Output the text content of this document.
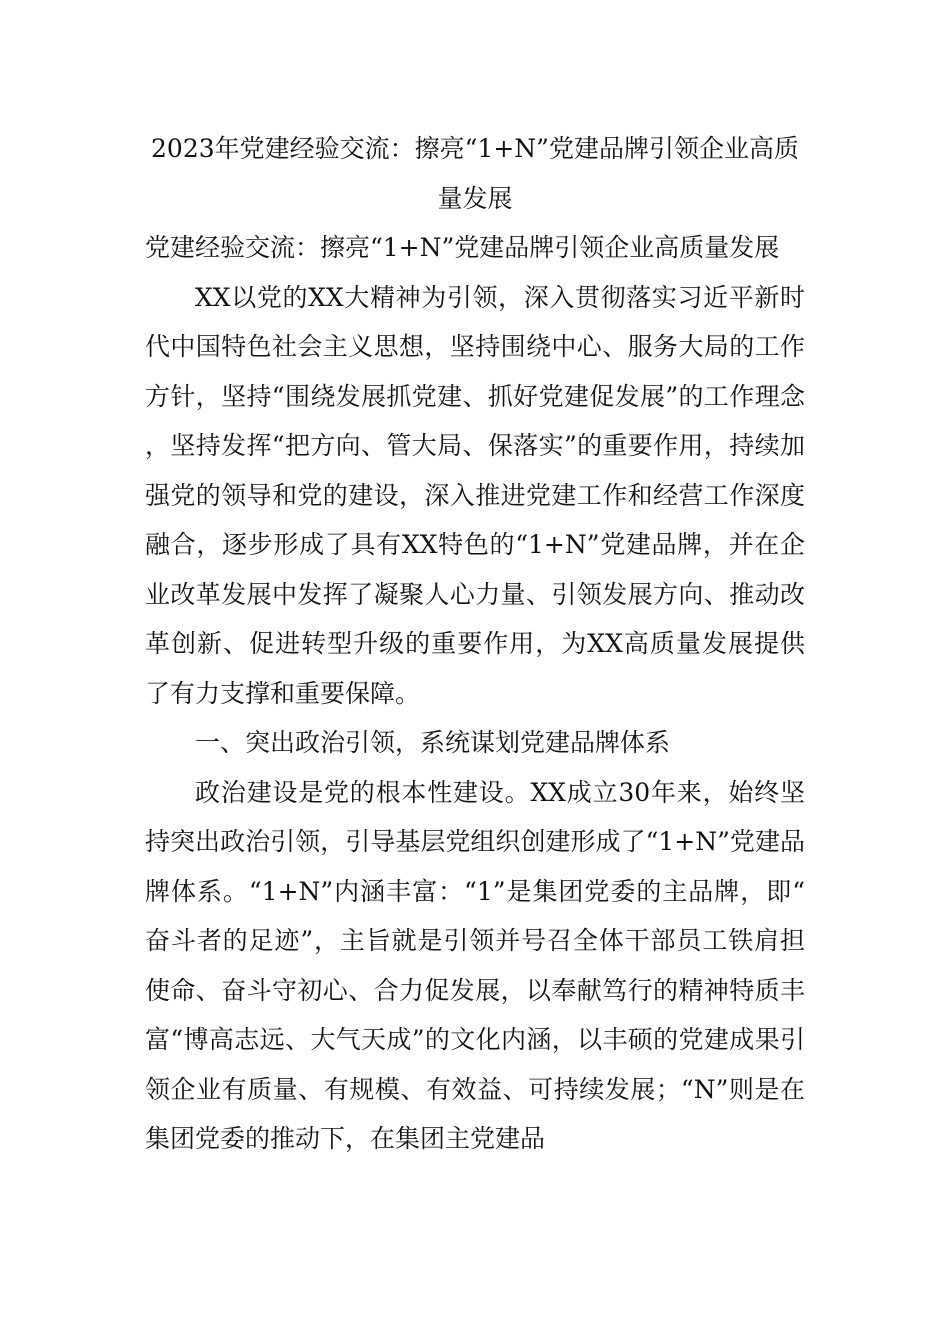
2023年党建经验交流：擦亮“1+N”党建品牌引领企业高质量发展

党建经验交流：擦亮“1+N”党建品牌引领企业高质量发展

XX以党的XX大精神为引领，深入贯彻落实习近平新时代中国特色社会主义思想，坚持围绕中心、服务大局的工作方针，坚持“围绕发展抓党建、抓好党建促发展”的工作理念，坚持发挥“把方向、管大局、保落实”的重要作用，持续加强党的领导和党的建设，深入推进党建工作和经营工作深度融合，逐步形成了具有XX特色的“1+N”党建品牌，并在企业改革发展中发挥了凝聚人心力量、引领发展方向、推动改革创新、促进转型升级的重要作用，为XX高质量发展提供了有力支撑和重要保障。

一、突出政治引领，系统谋划党建品牌体系

政治建设是党的根本性建设。XX成立30年来，始终坚持突出政治引领，引导基层党组织创建形成了“1+N”党建品牌体系。“1+N”内涵丰富：“1”是集团党委的主品牌，即“奋斗者的足迹”，主旨就是引领并号召全体干部员工铁肩担使命、奋斗守初心、合力促发展，以奉献笃行的精神特质丰富“博高志远、大气天成”的文化内涵，以丰硕的党建成果引领企业有质量、有规模、有效益、可持续发展；“N”则是在集团党委的推动下，在集团主党建品
